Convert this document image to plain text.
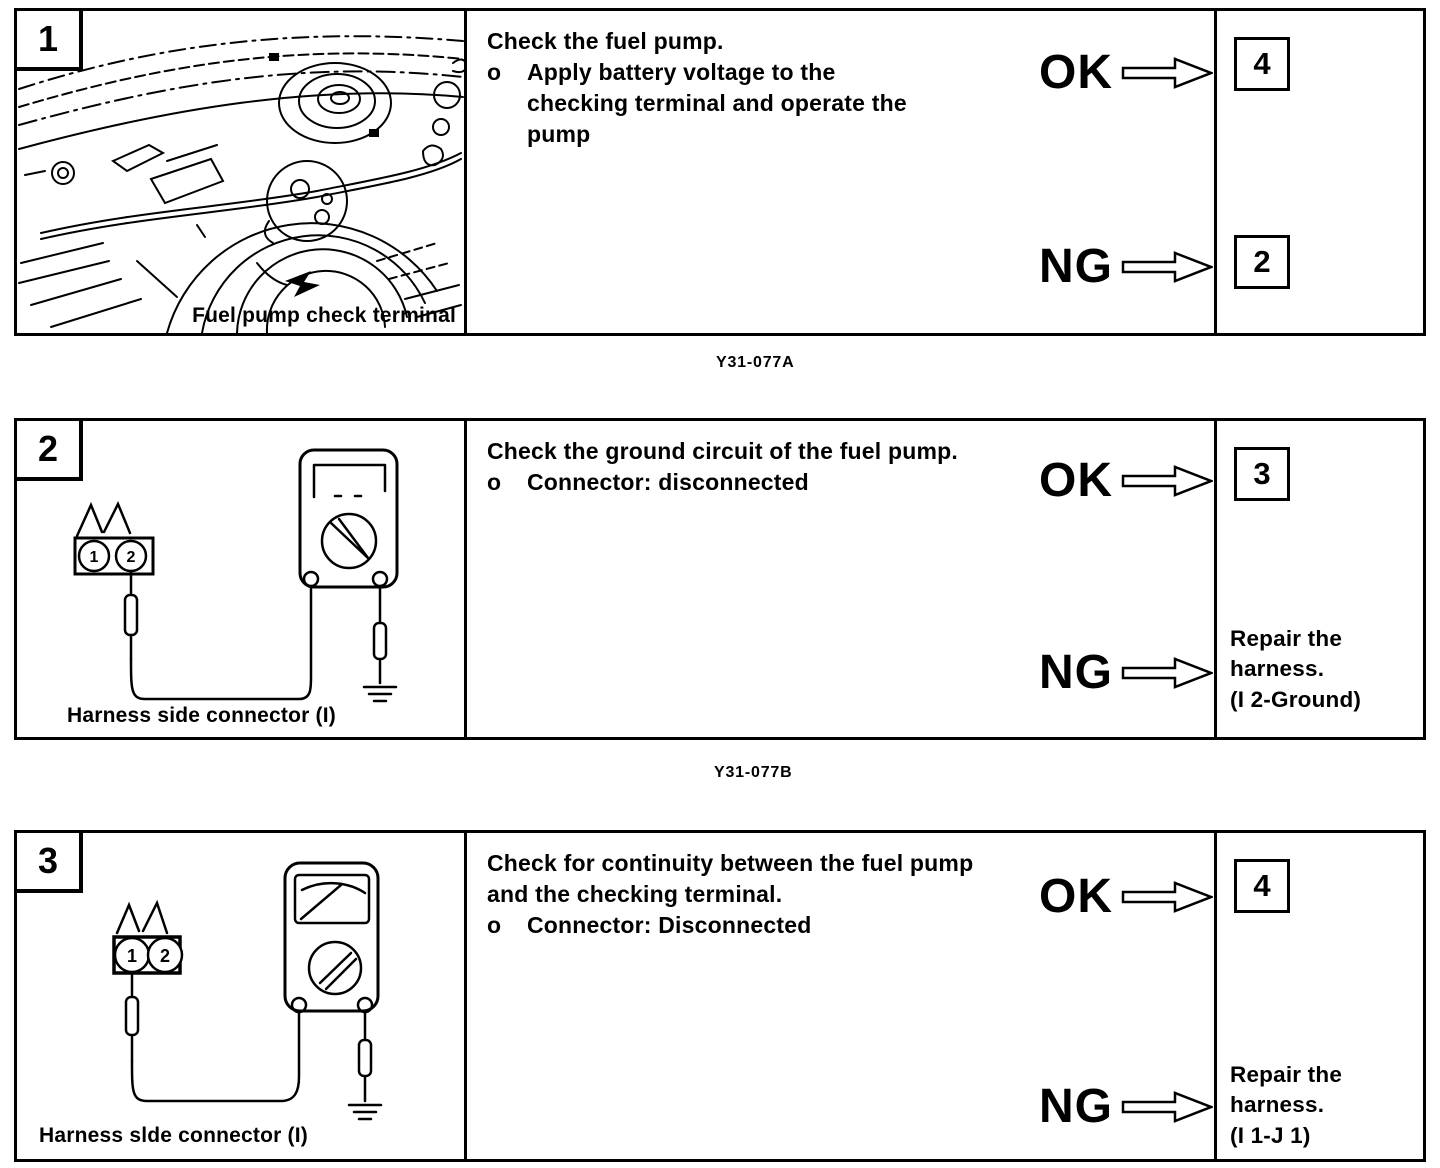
1
Fuel pump check terminal
Check the fuel pump.
o	Apply battery voltage to the checking terminal and operate the pump
OK
NG
4
2
Y31-077A
2
1 2
Harness side connector (I)
Check the ground circuit of the fuel pump.
o	Connector: disconnected	OK
NG
3
Repair the
harness.
(I 2-Ground)
Y31-077B
3
1 2
Harness slde connector (I)
Check for continuity between the fuel pump and the checking terminal.
o	Connector: Disconnected
OK
NG
4
Repair the
harness.
(I 1-J 1)
